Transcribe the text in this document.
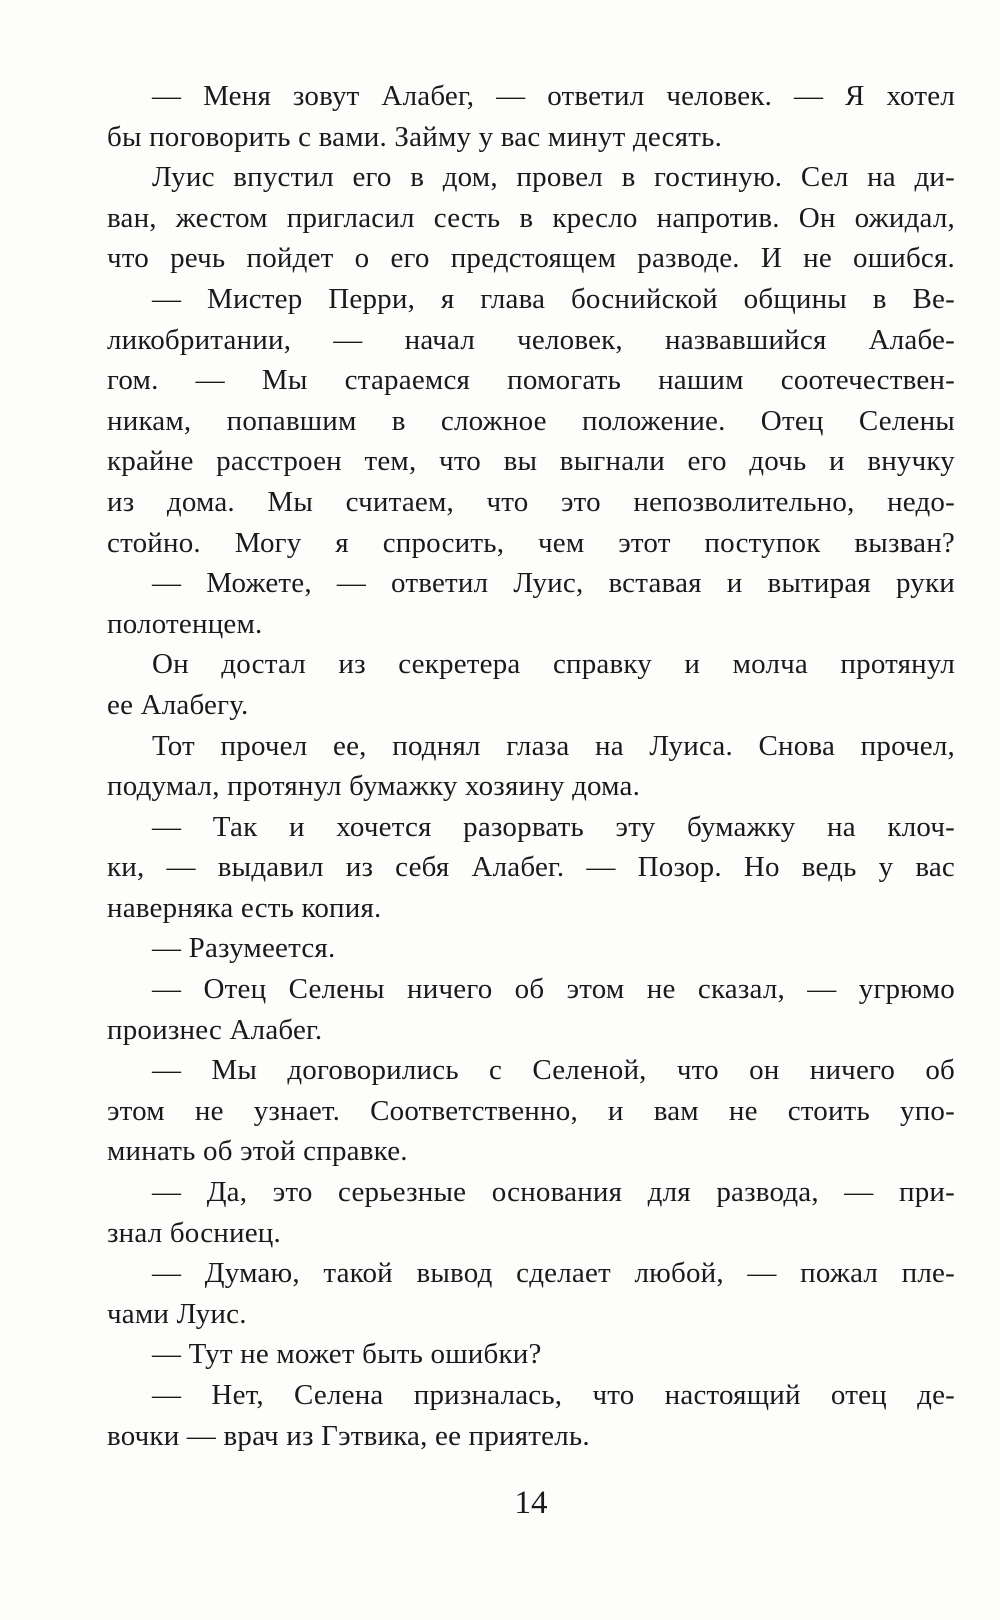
— Меня зовут Алабег, — ответил человек. — Я хотел
бы поговорить с вами. Займу у вас минут десять.
Луис впустил его в дом, провел в гостиную. Сел на ди-
ван, жестом пригласил сесть в кресло напротив. Он ожидал,
что речь пойдет о его предстоящем разводе. И не ошибся.
— Мистер Перри, я глава боснийской общины в Ве-
ликобритании, — начал человек, назвавшийся Алабе-
гом. — Мы стараемся помогать нашим соотечествен-
никам, попавшим в сложное положение. Отец Селены
крайне расстроен тем, что вы выгнали его дочь и внучку
из дома. Мы считаем, что это непозволительно, недо-
стойно. Могу я спросить, чем этот поступок вызван?
— Можете, — ответил Луис, вставая и вытирая руки
полотенцем.
Он достал из секретера справку и молча протянул
ее Алабегу.
Тот прочел ее, поднял глаза на Луиса. Снова прочел,
подумал, протянул бумажку хозяину дома.
— Так и хочется разорвать эту бумажку на клоч-
ки, — выдавил из себя Алабег. — Позор. Но ведь у вас
наверняка есть копия.
— Разумеется.
— Отец Селены ничего об этом не сказал, — угрюмо
произнес Алабег.
— Мы договорились с Селеной, что он ничего об
этом не узнает. Соответственно, и вам не стоить упо-
минать об этой справке.
— Да, это серьезные основания для развода, — при-
знал босниец.
— Думаю, такой вывод сделает любой, — пожал пле-
чами Луис.
— Тут не может быть ошибки?
— Нет, Селена призналась, что настоящий отец де-
вочки — врач из Гэтвика, ее приятель.
14
